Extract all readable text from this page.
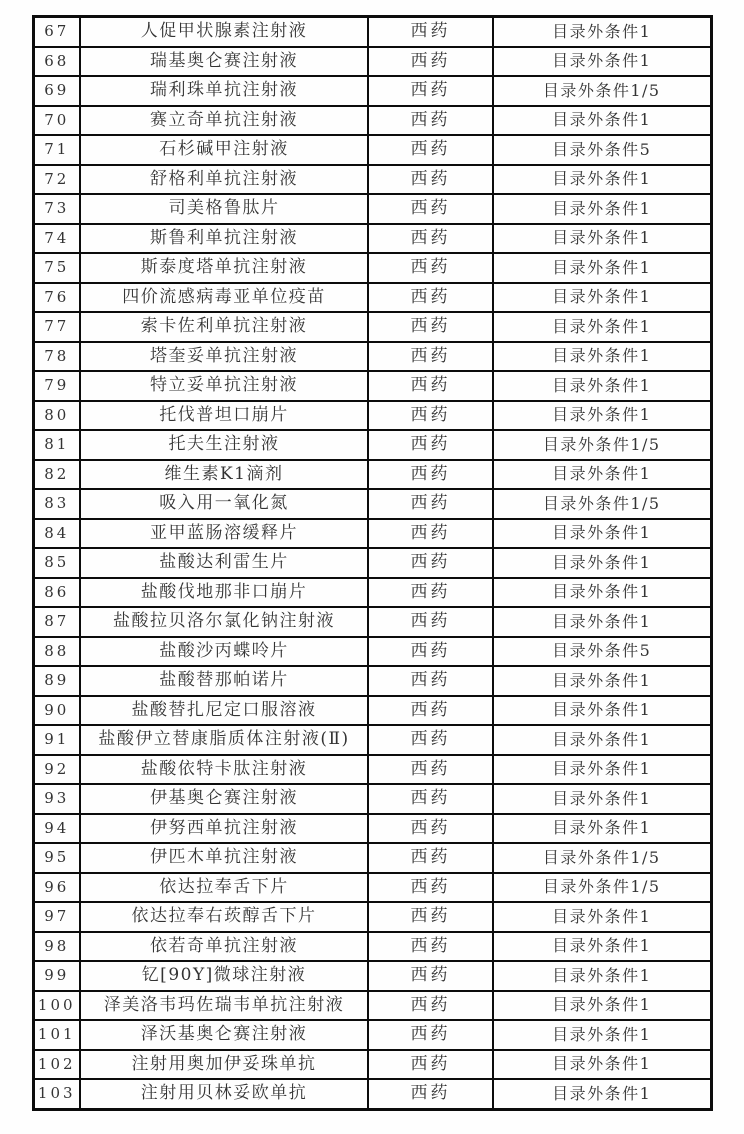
67	人促甲状腺素注射液	西药	目录外条件1
68	瑞基奥仑赛注射液	西药	目录外条件1
69	瑞利珠单抗注射液	西药	目录外条件1/5
70	赛立奇单抗注射液	西药	目录外条件1
71	石杉碱甲注射液	西药	目录外条件5
72	舒格利单抗注射液	西药	目录外条件1
73	司美格鲁肽片	西药	目录外条件1
74	斯鲁利单抗注射液	西药	目录外条件1
75	斯泰度塔单抗注射液	西药	目录外条件1
76	四价流感病毒亚单位疫苗	西药	目录外条件1
77	索卡佐利单抗注射液	西药	目录外条件1
78	塔奎妥单抗注射液	西药	目录外条件1
79	特立妥单抗注射液	西药	目录外条件1
80	托伐普坦口崩片	西药	目录外条件1
81	托夫生注射液	西药	目录外条件1/5
82	维生素K1滴剂	西药	目录外条件1
83	吸入用一氧化氮	西药	目录外条件1/5
84	亚甲蓝肠溶缓释片	西药	目录外条件1
85	盐酸达利雷生片	西药	目录外条件1
86	盐酸伐地那非口崩片	西药	目录外条件1
87	盐酸拉贝洛尔氯化钠注射液	西药	目录外条件1
88	盐酸沙丙蝶呤片	西药	目录外条件5
89	盐酸替那帕诺片	西药	目录外条件1
90	盐酸替扎尼定口服溶液	西药	目录外条件1
91	盐酸伊立替康脂质体注射液(Ⅱ)	西药	目录外条件1
92	盐酸依特卡肽注射液	西药	目录外条件1
93	伊基奥仑赛注射液	西药	目录外条件1
94	伊努西单抗注射液	西药	目录外条件1
95	伊匹木单抗注射液	西药	目录外条件1/5
96	依达拉奉舌下片	西药	目录外条件1/5
97	依达拉奉右莰醇舌下片	西药	目录外条件1
98	依若奇单抗注射液	西药	目录外条件1
99	钇[90Y]微球注射液	西药	目录外条件1
100	泽美洛韦玛佐瑞韦单抗注射液	西药	目录外条件1
101	泽沃基奥仑赛注射液	西药	目录外条件1
102	注射用奥加伊妥珠单抗	西药	目录外条件1
103	注射用贝林妥欧单抗	西药	目录外条件1
